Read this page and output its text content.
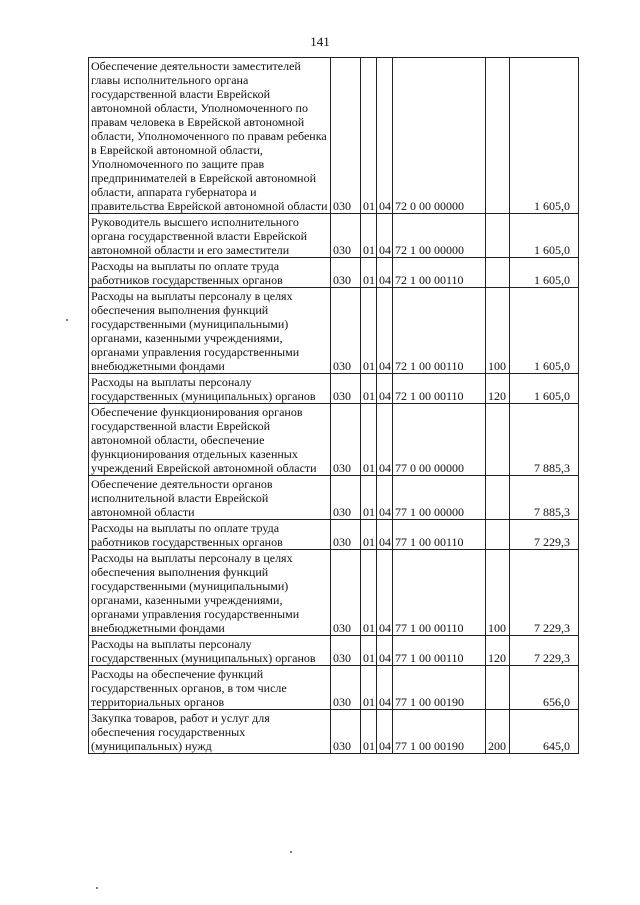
141
Обеспечение деятельности заместителей главы исполнительного органа государственной власти Еврейской автономной области, Уполномоченного по правам человека в Еврейской автономной области, Уполномоченного по правам ребенка в Еврейской автономной области, Уполномоченного по защите прав предпринимателей в Еврейской автономной области, аппарата губернатора и правительства Еврейской автономной области	030	01	04	72 0 00 00000		1 605,0
Руководитель высшего исполнительного органа государственной власти Еврейской автономной области и его заместители	030	01	04	72 1 00 00000		1 605,0
Расходы на выплаты по оплате труда работников государственных органов	030	01	04	72 1 00 00110		1 605,0
Расходы на выплаты персоналу в целях обеспечения выполнения функций государственными (муниципальными) органами, казенными учреждениями, органами управления государственными внебюджетными фондами	030	01	04	72 1 00 00110	100	1 605,0
Расходы на выплаты персоналу государственных (муниципальных) органов	030	01	04	72 1 00 00110	120	1 605,0
Обеспечение функционирования органов государственной власти Еврейской автономной области, обеспечение функционирования отдельных казенных учреждений Еврейской автономной области	030	01	04	77 0 00 00000		7 885,3
Обеспечение деятельности органов исполнительной власти Еврейской автономной области	030	01	04	77 1 00 00000		7 885,3
Расходы на выплаты по оплате труда работников государственных органов	030	01	04	77 1 00 00110		7 229,3
Расходы на выплаты персоналу в целях обеспечения выполнения функций государственными (муниципальными) органами, казенными учреждениями, органами управления государственными внебюджетными фондами	030	01	04	77 1 00 00110	100	7 229,3
Расходы на выплаты персоналу государственных (муниципальных) органов	030	01	04	77 1 00 00110	120	7 229,3
Расходы на обеспечение функций государственных органов, в том числе территориальных органов	030	01	04	77 1 00 00190		656,0
Закупка товаров, работ и услуг для обеспечения государственных (муниципальных) нужд	030	01	04	77 1 00 00190	200	645,0
